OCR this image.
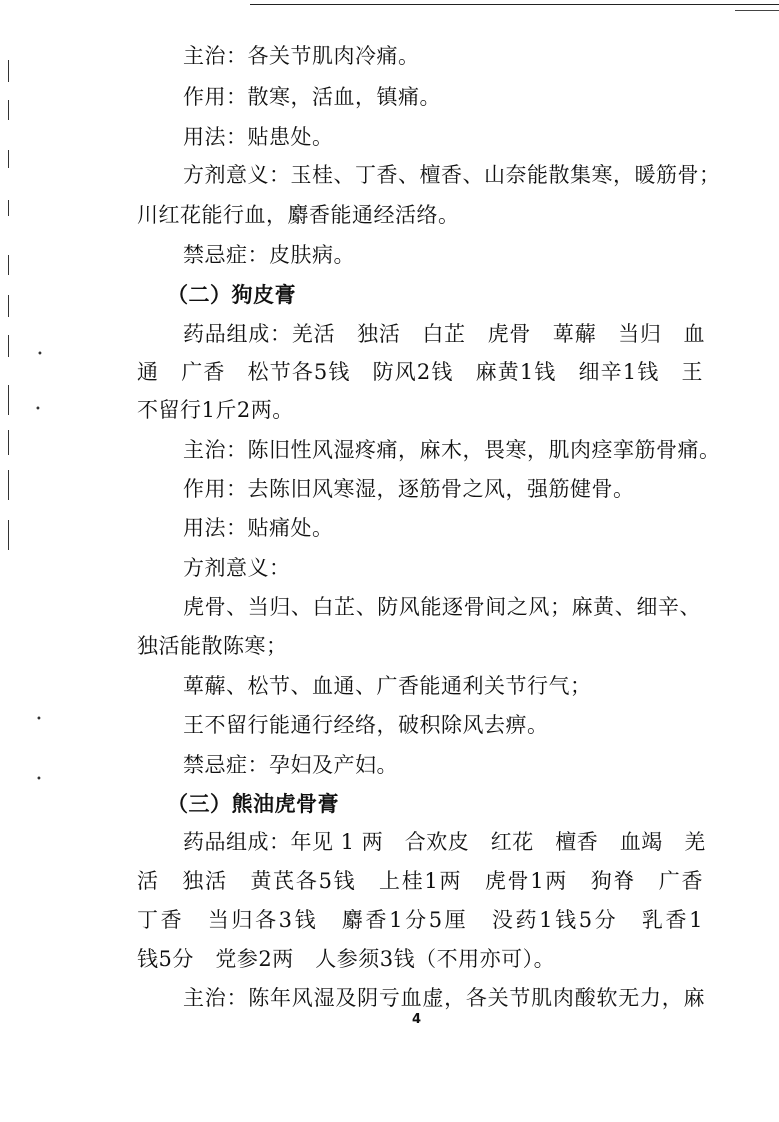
•
•
•
•
主治：各关节肌肉冷痛。
作用：散寒，活血，镇痛。
用法：贴患处。
方剂意义：玉桂、丁香、檀香、山奈能散集寒，暖筋骨；
川红花能行血，麝香能通经活络。
禁忌症：皮肤病。
（二）狗皮膏
药品组成：羌活　独活　白芷　虎骨　萆薢　当归　血
通　广香　松节各5钱　防风2钱　麻黄1钱　细辛1钱　王
不留行1斤2两。
主治：陈旧性风湿疼痛，麻木，畏寒，肌肉痉挛筋骨痛。
作用：去陈旧风寒湿，逐筋骨之风，强筋健骨。
用法：贴痛处。
方剂意义：
虎骨、当归、白芷、防风能逐骨间之风；麻黄、细辛、
独活能散陈寒；
萆薢、松节、血通、广香能通利关节行气；
王不留行能通行经络，破积除风去痹。
禁忌症：孕妇及产妇。
（三）熊油虎骨膏
药品组成：年见 1 两　合欢皮　红花　檀香　血竭　羌
活　独活　黄芪各5钱　上桂1两　虎骨1两　狗脊　广香
丁香　当归各3钱　麝香1分5厘　没药1钱5分　乳香1
钱5分　党参2两　人参须3钱（不用亦可）。
主治：陈年风湿及阴亏血虚，各关节肌肉酸软无力，麻
4
